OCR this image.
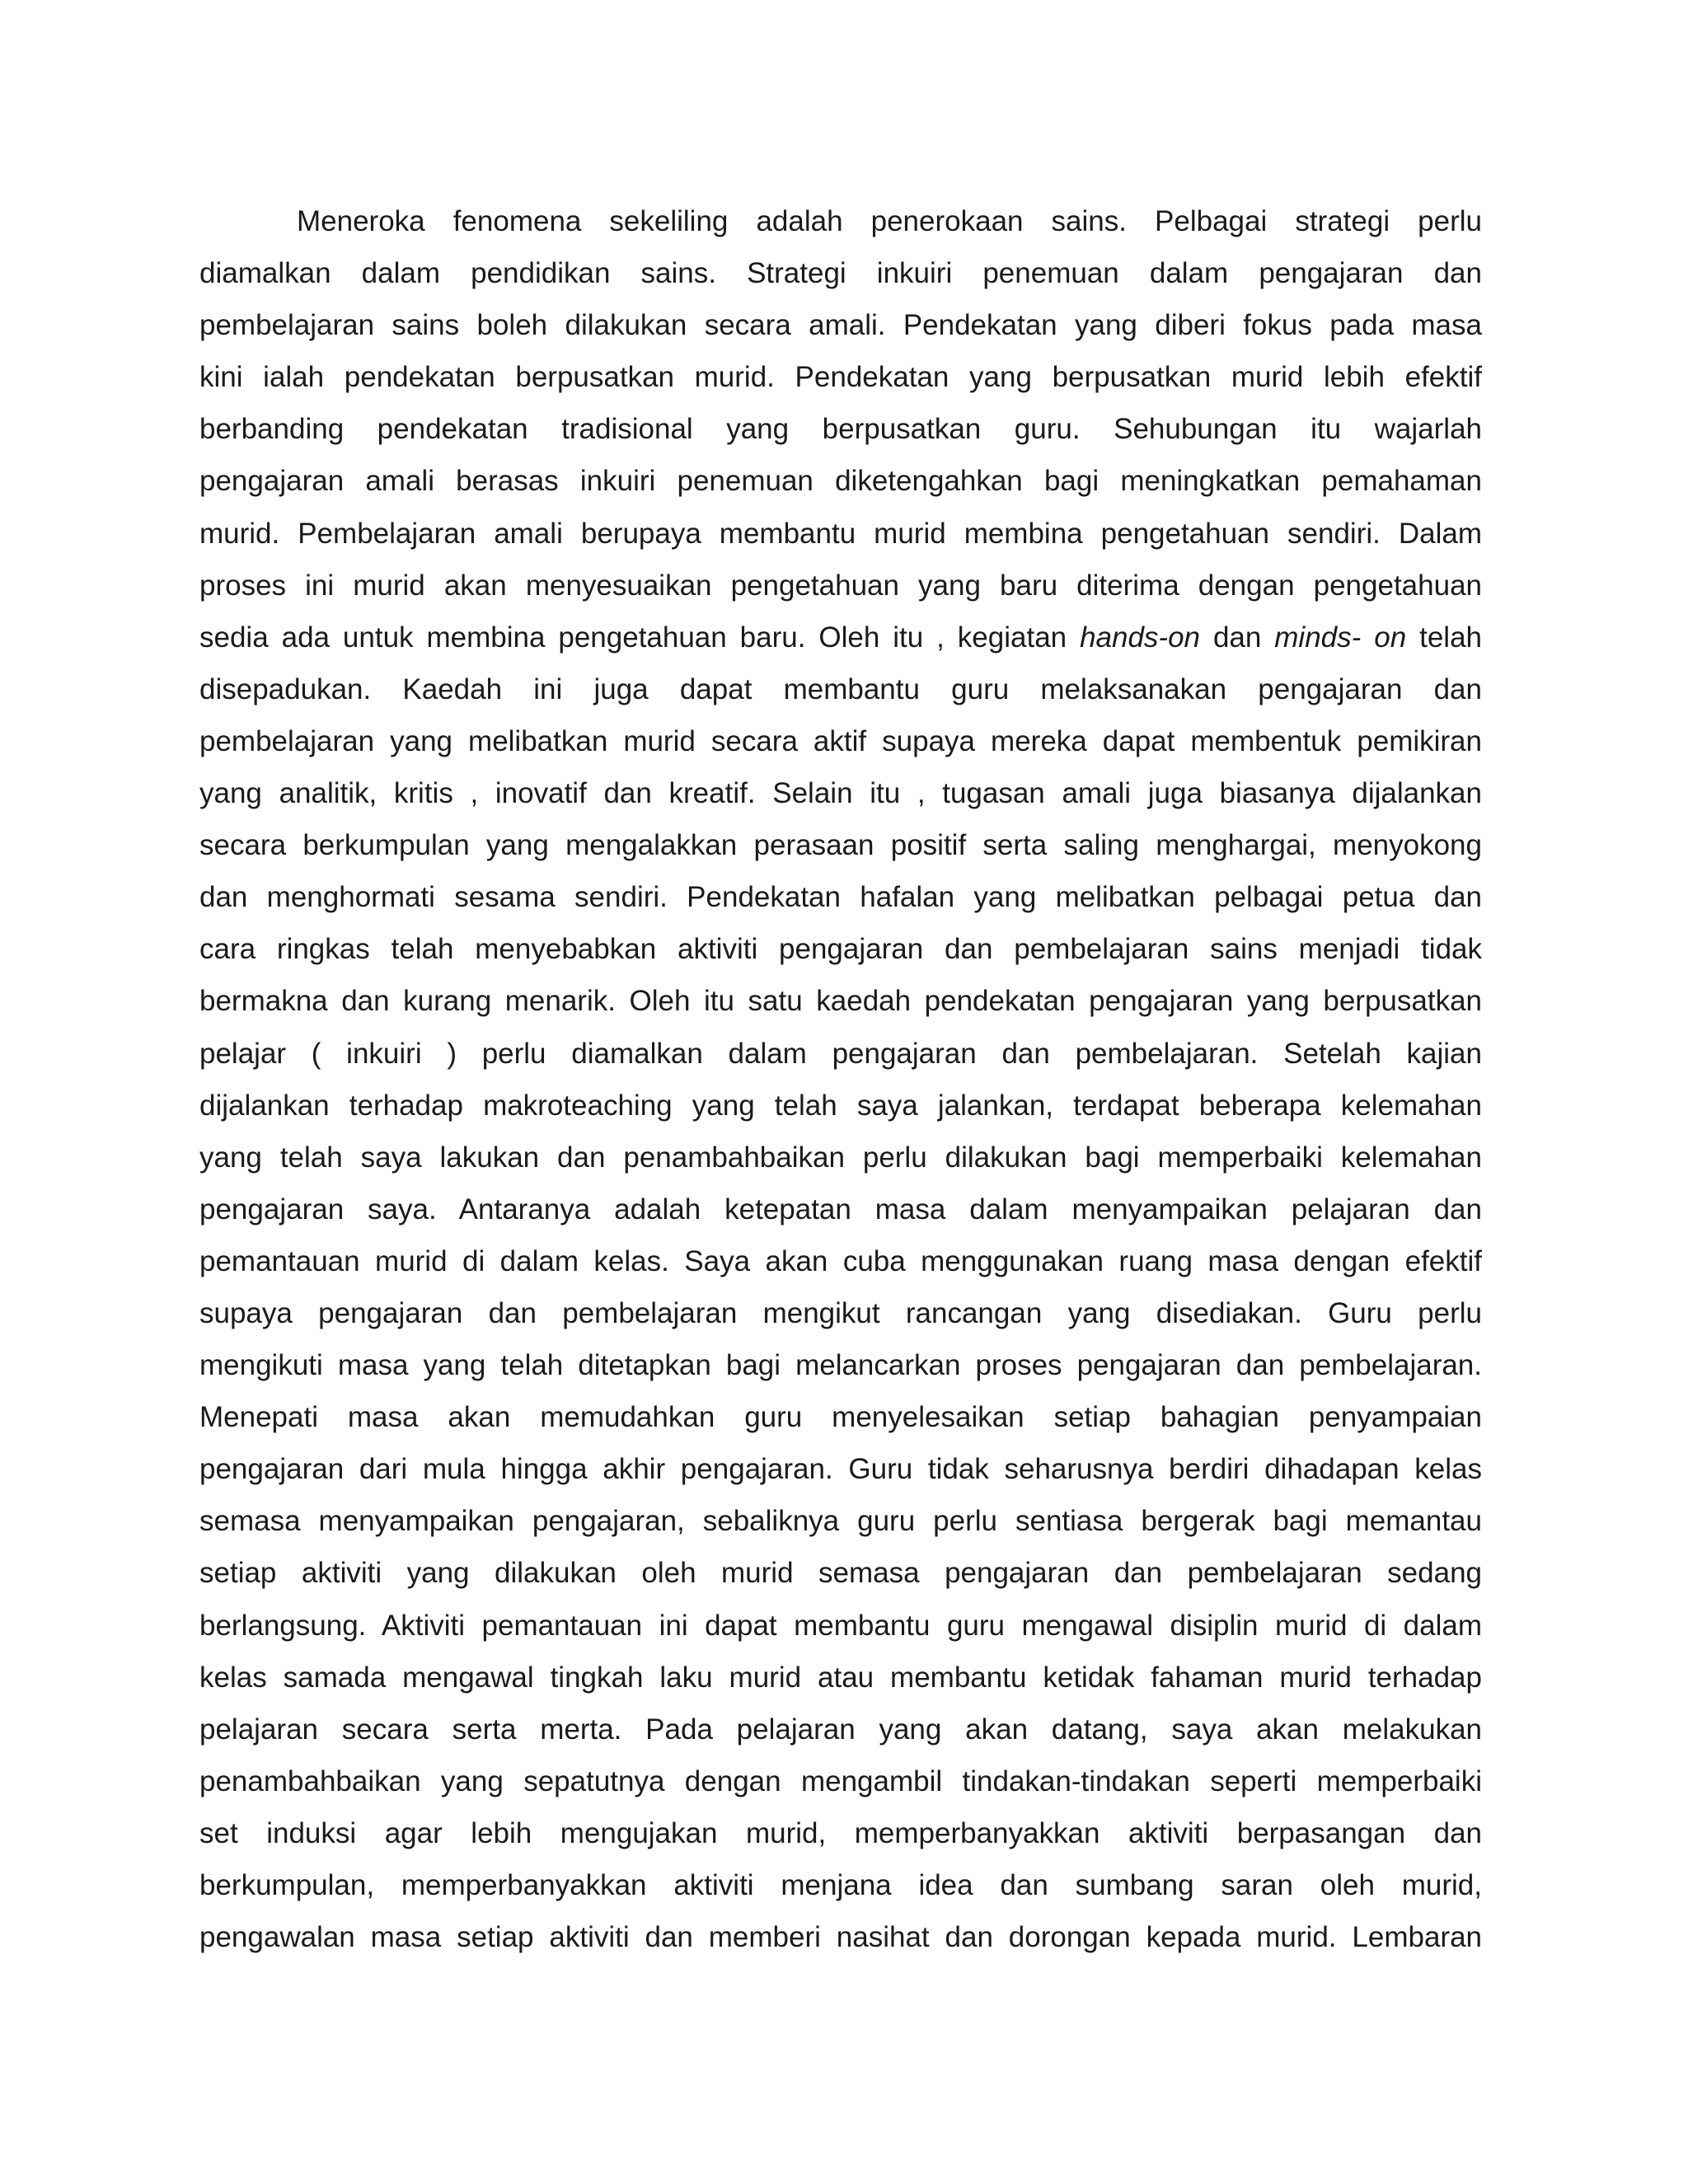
Meneroka fenomena sekeliling adalah penerokaan sains. Pelbagai strategi perlu
diamalkan dalam pendidikan sains. Strategi inkuiri penemuan dalam pengajaran dan
pembelajaran sains boleh dilakukan secara amali. Pendekatan yang diberi fokus pada masa
kini ialah pendekatan berpusatkan murid. Pendekatan yang berpusatkan murid lebih efektif
berbanding pendekatan tradisional yang berpusatkan guru. Sehubungan itu wajarlah
pengajaran amali berasas inkuiri penemuan diketengahkan bagi meningkatkan pemahaman
murid. Pembelajaran amali berupaya membantu murid membina pengetahuan sendiri. Dalam
proses ini murid akan menyesuaikan pengetahuan yang baru diterima dengan pengetahuan
sedia ada untuk membina pengetahuan baru. Oleh itu , kegiatan hands-on dan minds- on telah
disepadukan. Kaedah ini juga dapat membantu guru melaksanakan pengajaran dan
pembelajaran yang melibatkan murid secara aktif supaya mereka dapat membentuk pemikiran
yang analitik, kritis , inovatif dan kreatif. Selain itu , tugasan amali juga biasanya dijalankan
secara berkumpulan yang mengalakkan perasaan positif serta saling menghargai, menyokong
dan menghormati sesama sendiri. Pendekatan hafalan yang melibatkan pelbagai petua dan
cara ringkas telah menyebabkan aktiviti pengajaran dan pembelajaran sains menjadi tidak
bermakna dan kurang menarik. Oleh itu satu kaedah pendekatan pengajaran yang berpusatkan
pelajar ( inkuiri ) perlu diamalkan dalam pengajaran dan pembelajaran. Setelah kajian
dijalankan terhadap makroteaching yang telah saya jalankan, terdapat beberapa kelemahan
yang telah saya lakukan dan penambahbaikan perlu dilakukan bagi memperbaiki kelemahan
pengajaran saya. Antaranya adalah ketepatan masa dalam menyampaikan pelajaran dan
pemantauan murid di dalam kelas. Saya akan cuba menggunakan ruang masa dengan efektif
supaya pengajaran dan pembelajaran mengikut rancangan yang disediakan. Guru perlu
mengikuti masa yang telah ditetapkan bagi melancarkan proses pengajaran dan pembelajaran.
Menepati masa akan memudahkan guru menyelesaikan setiap bahagian penyampaian
pengajaran dari mula hingga akhir pengajaran. Guru tidak seharusnya berdiri dihadapan kelas
semasa menyampaikan pengajaran, sebaliknya guru perlu sentiasa bergerak bagi memantau
setiap aktiviti yang dilakukan oleh murid semasa pengajaran dan pembelajaran sedang
berlangsung. Aktiviti pemantauan ini dapat membantu guru mengawal disiplin murid di dalam
kelas samada mengawal tingkah laku murid atau membantu ketidak fahaman murid terhadap
pelajaran secara serta merta. Pada pelajaran yang akan datang, saya akan melakukan
penambahbaikan yang sepatutnya dengan mengambil tindakan-tindakan seperti memperbaiki
set induksi agar lebih mengujakan murid, memperbanyakkan aktiviti berpasangan dan
berkumpulan, memperbanyakkan aktiviti menjana idea dan sumbang saran oleh murid,
pengawalan masa setiap aktiviti dan memberi nasihat dan dorongan kepada murid. Lembaran
